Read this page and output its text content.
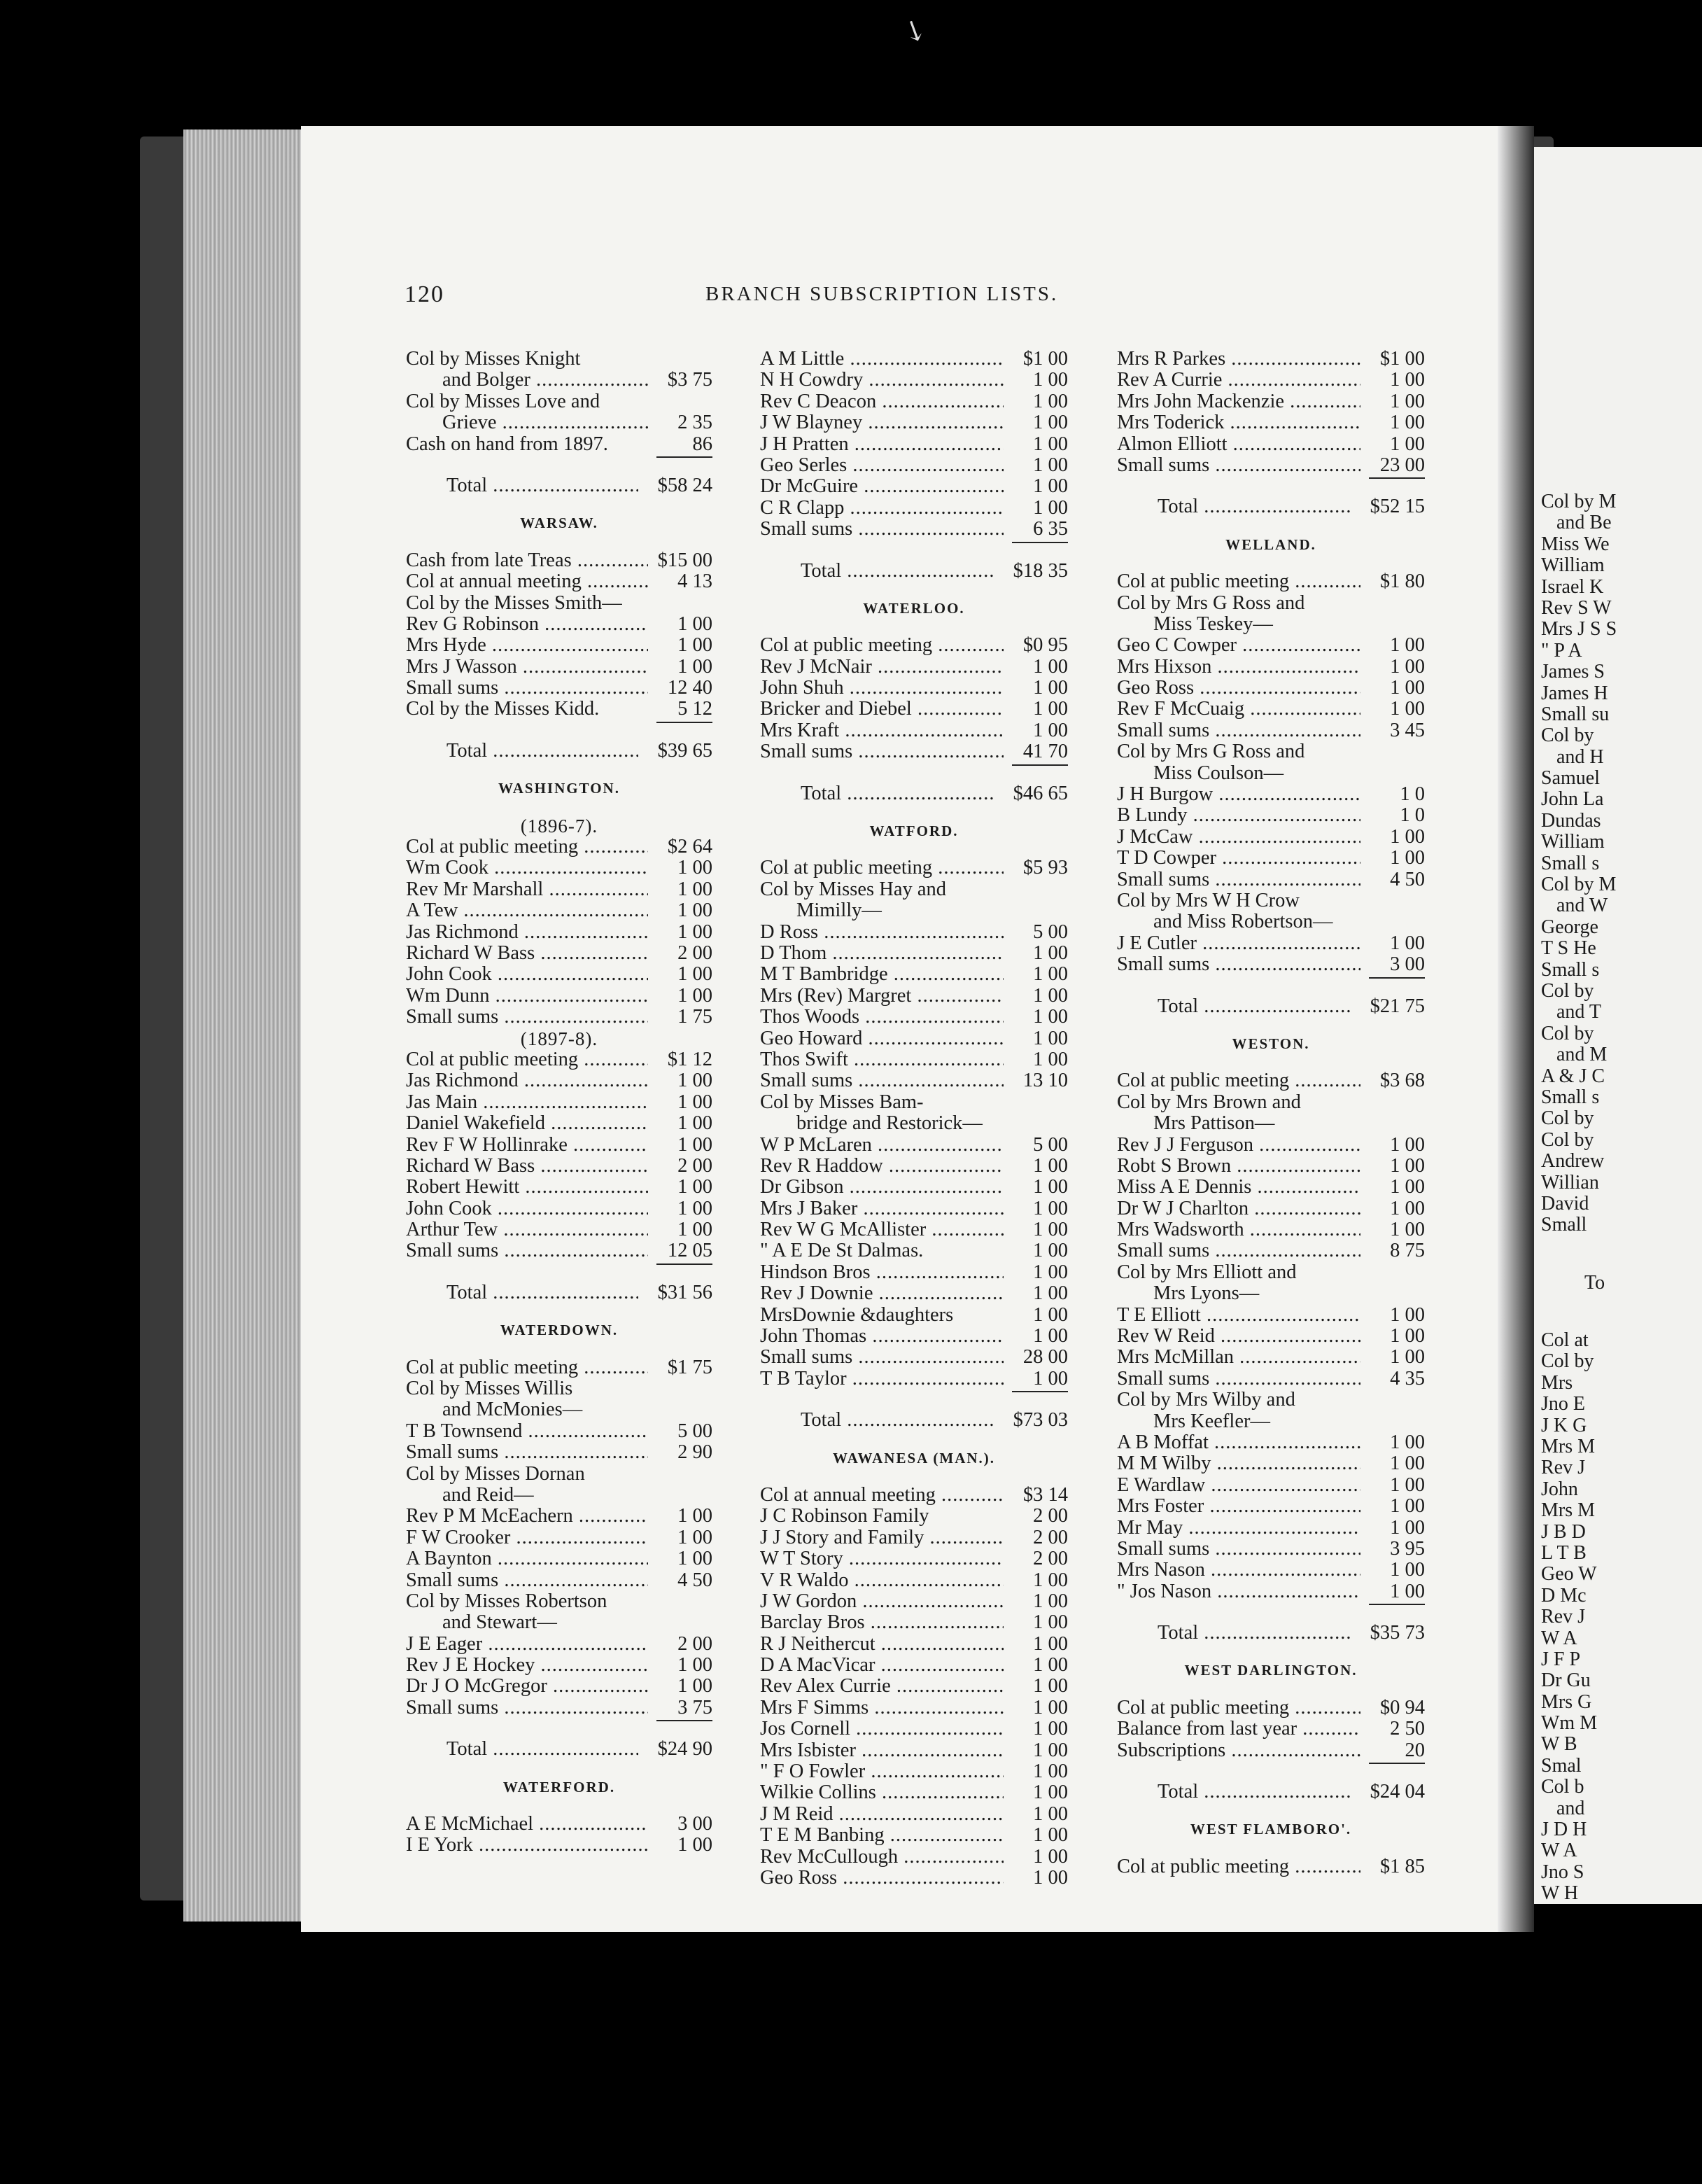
Col by M
and Be
Miss We
William
Israel K
Rev S W
Mrs J S S
" P A
James S
James H
Small su
Col by
and H
Samuel
John La
Dundas
William
Small s
Col by M
and W
George
T S He
Small s
Col by
and T
Col by
and M
A & J C
Small s
Col by
Col by
Andrew
Willian
David
Small
To
Col at
Col by
Mrs
Jno E
J K G
Mrs M
Rev J
John
Mrs M
J B D
L T B
Geo W
D Mc
Rev J
W A
J F P
Dr Gu
Mrs G
Wm M
W B
Smal
Col b
and
J D H
W A
Jno S
W H
↘
120	BRANCH SUBSCRIPTION LISTS.
Col by Misses Knight
and Bolger .....	$3 75
Col by Misses Love and
Grieve .....	2 35
Cash on hand from 1897.	86
Total .....	$58 24
WARSAW.
Cash from late Treas .....	$15 00
Col at annual meeting .....	4 13
Col by the Misses Smith—
Rev G Robinson .....	1 00
Mrs Hyde .....	1 00
Mrs J Wasson .....	1 00
Small sums .....	12 40
Col by the Misses Kidd.	5 12
Total .....	$39 65
WASHINGTON.
(1896-7).
Col at public meeting .....	$2 64
Wm Cook .....	1 00
Rev Mr Marshall .....	1 00
A Tew .....	1 00
Jas Richmond .....	1 00
Richard W Bass .....	2 00
John Cook .....	1 00
Wm Dunn .....	1 00
Small sums .....	1 75
(1897-8).
Col at public meeting .....	$1 12
Jas Richmond .....	1 00
Jas Main .....	1 00
Daniel Wakefield .....	1 00
Rev F W Hollinrake .....	1 00
Richard W Bass .....	2 00
Robert Hewitt .....	1 00
John Cook .....	1 00
Arthur Tew .....	1 00
Small sums .....	12 05
Total .....	$31 56
WATERDOWN.
Col at public meeting .....	$1 75
Col by Misses Willis
and McMonies—
T B Townsend .....	5 00
Small sums .....	2 90
Col by Misses Dornan
and Reid—
Rev P M McEachern .....	1 00
F W Crooker .....	1 00
A Baynton .....	1 00
Small sums .....	4 50
Col by Misses Robertson
and Stewart—
J E Eager .....	2 00
Rev J E Hockey .....	1 00
Dr J O McGregor .....	1 00
Small sums .....	3 75
Total .....	$24 90
WATERFORD.
A E McMichael .....	3 00
I E York .....	1 00
A M Little .....	$1 00
N H Cowdry .....	1 00
Rev C Deacon .....	1 00
J W Blayney .....	1 00
J H Pratten .....	1 00
Geo Serles .....	1 00
Dr McGuire .....	1 00
C R Clapp .....	1 00
Small sums .....	6 35
Total .....	$18 35
WATERLOO.
Col at public meeting .....	$0 95
Rev J McNair .....	1 00
John Shuh .....	1 00
Bricker and Diebel .....	1 00
Mrs Kraft .....	1 00
Small sums .....	41 70
Total .....	$46 65
WATFORD.
Col at public meeting .....	$5 93
Col by Misses Hay and
Mimilly—
D Ross .....	5 00
D Thom .....	1 00
M T Bambridge .....	1 00
Mrs (Rev) Margret .....	1 00
Thos Woods .....	1 00
Geo Howard .....	1 00
Thos Swift .....	1 00
Small sums .....	13 10
Col by Misses Bam-
bridge and Restorick—
W P McLaren .....	5 00
Rev R Haddow .....	1 00
Dr Gibson .....	1 00
Mrs J Baker .....	1 00
Rev W G McAllister .....	1 00
" A E De St Dalmas.	1 00
Hindson Bros .....	1 00
Rev J Downie .....	1 00
MrsDownie &daughters	1 00
John Thomas .....	1 00
Small sums .....	28 00
T B Taylor .....	1 00
Total .....	$73 03
WAWANESA (MAN.).
Col at annual meeting .....	$3 14
J C Robinson Family	2 00
J J Story and Family .....	2 00
W T Story .....	2 00
V R Waldo .....	1 00
J W Gordon .....	1 00
Barclay Bros .....	1 00
R J Neithercut .....	1 00
D A MacVicar .....	1 00
Rev Alex Currie .....	1 00
Mrs F Simms .....	1 00
Jos Cornell .....	1 00
Mrs Isbister .....	1 00
" F O Fowler .....	1 00
Wilkie Collins .....	1 00
J M Reid .....	1 00
T E M Banbing .....	1 00
Rev McCullough .....	1 00
Geo Ross .....	1 00
Mrs R Parkes .....	$1 00
Rev A Currie .....	1 00
Mrs John Mackenzie .....	1 00
Mrs Toderick .....	1 00
Almon Elliott .....	1 00
Small sums .....	23 00
Total .....	$52 15
WELLAND.
Col at public meeting .....	$1 80
Col by Mrs G Ross and
Miss Teskey—
Geo C Cowper .....	1 00
Mrs Hixson .....	1 00
Geo Ross .....	1 00
Rev F McCuaig .....	1 00
Small sums .....	3 45
Col by Mrs G Ross and
Miss Coulson—
J H Burgow .....	1 0
B Lundy .....	1 0
J McCaw .....	1 00
T D Cowper .....	1 00
Small sums .....	4 50
Col by Mrs W H Crow
and Miss Robertson—
J E Cutler .....	1 00
Small sums .....	3 00
Total .....	$21 75
WESTON.
Col at public meeting .....	$3 68
Col by Mrs Brown and
Mrs Pattison—
Rev J J Ferguson .....	1 00
Robt S Brown .....	1 00
Miss A E Dennis .....	1 00
Dr W J Charlton .....	1 00
Mrs Wadsworth .....	1 00
Small sums .....	8 75
Col by Mrs Elliott and
Mrs Lyons—
T E Elliott .....	1 00
Rev W Reid .....	1 00
Mrs McMillan .....	1 00
Small sums .....	4 35
Col by Mrs Wilby and
Mrs Keefler—
A B Moffat .....	1 00
M M Wilby .....	1 00
E Wardlaw .....	1 00
Mrs Foster .....	1 00
Mr May .....	1 00
Small sums .....	3 95
Mrs Nason .....	1 00
" Jos Nason .....	1 00
Total .....	$35 73
WEST DARLINGTON.
Col at public meeting .....	$0 94
Balance from last year .....	2 50
Subscriptions .....	20
Total .....	$24 04
WEST FLAMBORO'.
Col at public meeting .....	$1 85
